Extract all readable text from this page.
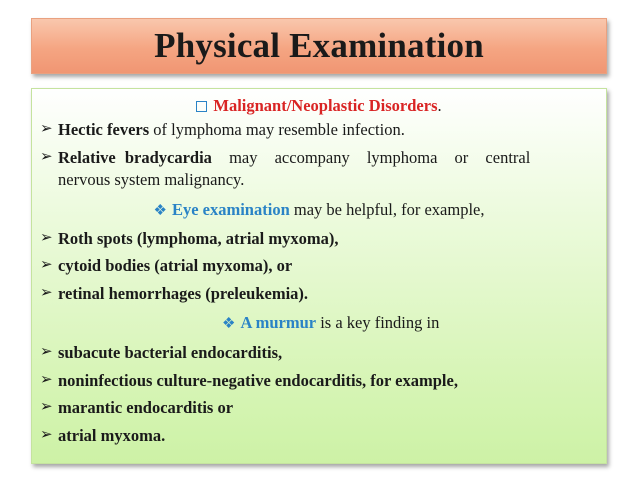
Physical Examination
Malignant/Neoplastic Disorders.
➢ Hectic fevers of lymphoma may resemble infection.
➢ Relative bradycardia may accompany lymphoma or central
nervous system malignancy.
❖ Eye examination may be helpful, for example,
➢ Roth spots (lymphoma, atrial myxoma),
➢ cytoid bodies (atrial myxoma), or
➢ retinal hemorrhages (preleukemia).
❖ A murmur is a key finding in
➢ subacute bacterial endocarditis,
➢ noninfectious culture-negative endocarditis, for example,
➢ marantic endocarditis or
➢ atrial myxoma.
